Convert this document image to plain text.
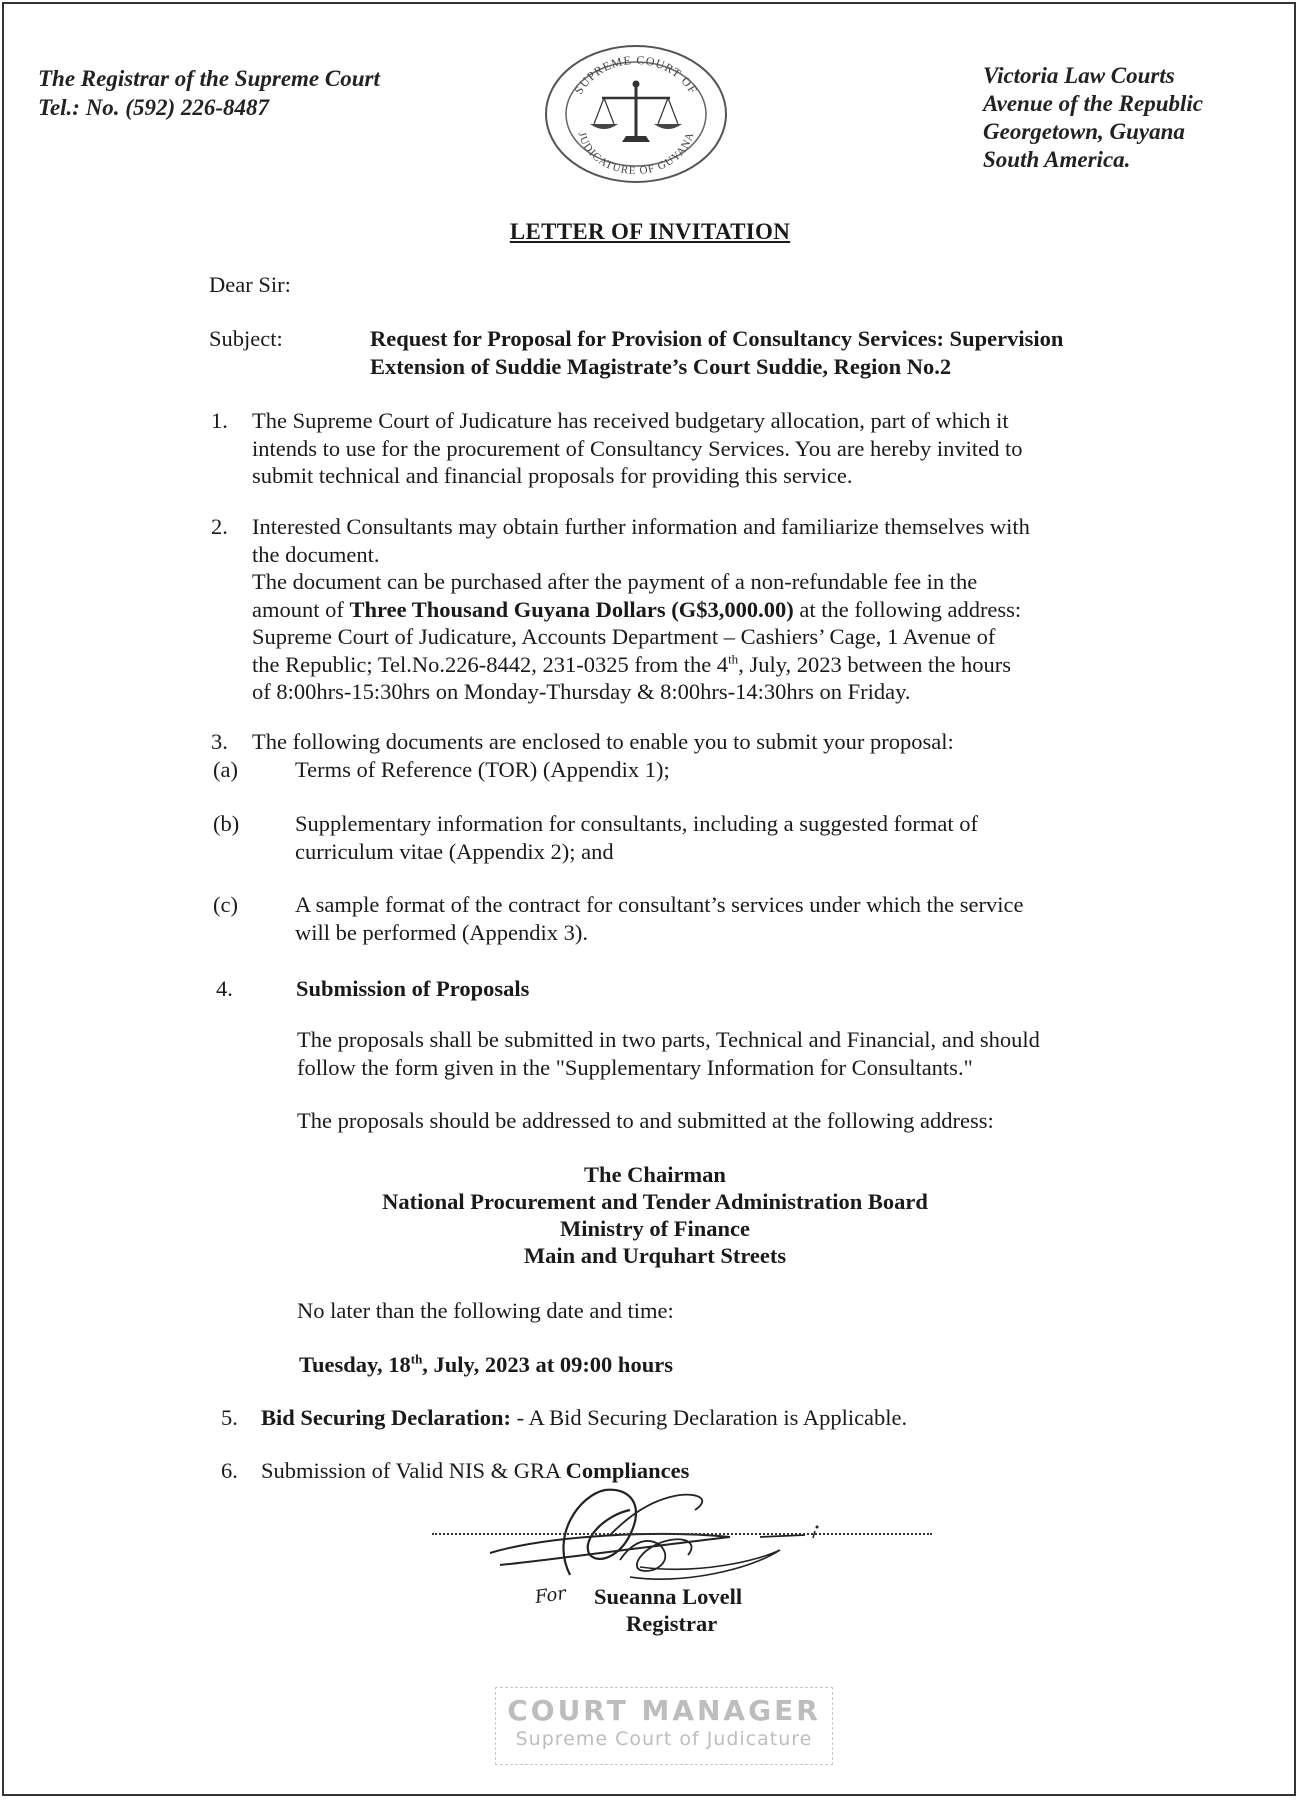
The Registrar of the Supreme Court
Tel.: No. (592) 226-8487
SUPREME COURT OF
JUDICATURE OF GUYANA
Victoria Law Courts
Avenue of the Republic
Georgetown, Guyana
South America.
LETTER OF INVITATION
Dear Sir:
Subject:	Request for Proposal for Provision of Consultancy Services: Supervision
Extension of Suddie Magistrate’s Court Suddie, Region No.2
1. The Supreme Court of Judicature has received budgetary allocation, part of which it
intends to use for the procurement of Consultancy Services. You are hereby invited to
submit technical and financial proposals for providing this service.
2. Interested Consultants may obtain further information and familiarize themselves with
the document.
The document can be purchased after the payment of a non-refundable fee in the
amount of Three Thousand Guyana Dollars (G$3,000.00) at the following address:
Supreme Court of Judicature, Accounts Department – Cashiers’ Cage, 1 Avenue of
the Republic; Tel.No.226-8442, 231-0325 from the 4th, July, 2023 between the hours
of 8:00hrs-15:30hrs on Monday-Thursday & 8:00hrs-14:30hrs on Friday.
3. The following documents are enclosed to enable you to submit your proposal:
(a)	Terms of Reference (TOR) (Appendix 1);
(b) Supplementary information for consultants, including a suggested format of
curriculum vitae (Appendix 2); and
(c)	A sample format of the contract for consultant’s services under which the service
will be performed (Appendix 3).
4.	Submission of Proposals
The proposals shall be submitted in two parts, Technical and Financial, and should
follow the form given in the "Supplementary Information for Consultants."
The proposals should be addressed to and submitted at the following address:
The Chairman
National Procurement and Tender Administration Board
Ministry of Finance
Main and Urquhart Streets
No later than the following date and time:
Tuesday, 18th, July, 2023 at 09:00 hours
5. Bid Securing Declaration: - A Bid Securing Declaration is Applicable.
6. Submission of Valid NIS & GRA Compliances
For Sueanna Lovell
Registrar
COURT MANAGER
Supreme Court of Judicature
